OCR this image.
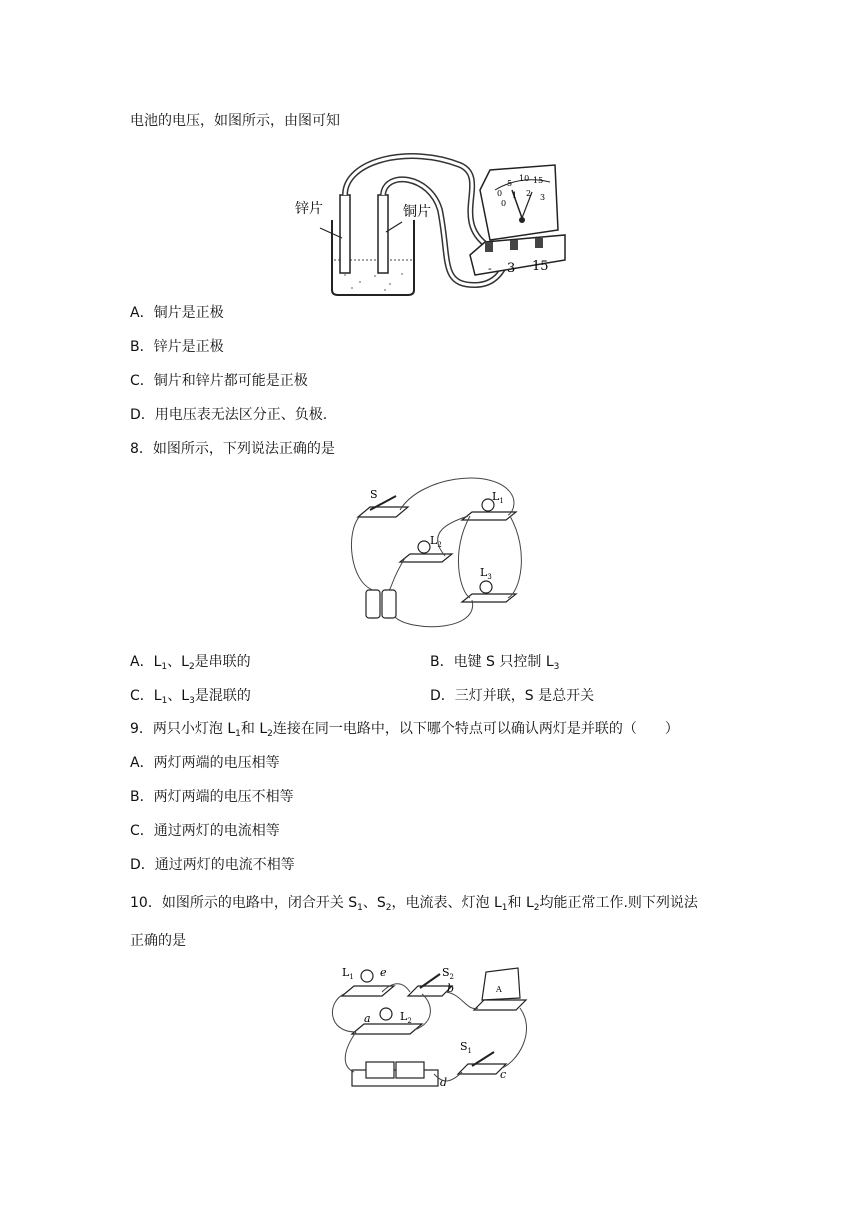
电池的电压，如图所示，由图可知
- 3 15
0
5
10 15
0
1 2 3
锌片	铜片
A．铜片是正极
B．锌片是正极
C．铜片和锌片都可能是正极
D．用电压表无法区分正、负极.
8．如图所示，下列说法正确的是
S	$L_1$
$L_2$
$L_3$
A．$L_1$、$L_2$是串联的	B．电键 S 只控制 $L_3$
C．$L_1$、$L_3$是混联的	D．三灯并联，S 是总开关
9．两只小灯泡 $L_1$和 $L_2$连接在同一电路中，以下哪个特点可以确认两灯是并联的（　　）
A．两灯两端的电压相等
B．两灯两端的电压不相等
C．通过两灯的电流相等
D．通过两灯的电流不相等
10．如图所示的电路中，闭合开关 $S_1$、$S_2$，电流表、灯泡 $L_1$和 $L_2$均能正常工作.则下列说法
正确的是
$L_1$ e	$S_2$
b
a	$L_2$
A
$S_1$
c
d
